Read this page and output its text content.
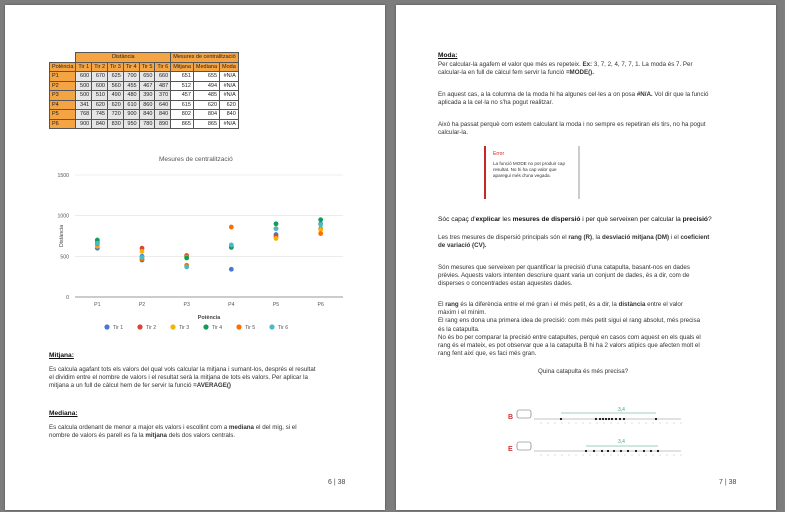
	Distància						Mesures de centralització		
Potència	Tir 1	Tir 2	Tir 3	Tir 4	Tir 5	Tir 6	Mitjana	Mediana	Moda
P1	600	670	625	700	650	660	651	655	#N/A
P2	500	600	560	455	467	487	512	494	#N/A
P3	500	510	490	480	390	370	457	485	#N/A
P4	341	620	620	610	860	640	615	620	620
P5	768	745	720	900	840	840	802	804	840
P6	900	840	830	950	780	890	865	865	#N/A
Mesures de centralització
0
500
1000
1500
P1	P2	P3	P4	P5	P6
Potència
Distància
Tir 1	Tir 2	Tir 3	Tir 4	Tir 5	Tir 6
Mitjana:
Es calcula agafant tots els valors del qual vols calcular la mitjana i sumant-los, després el resultat
el dividim entre el nombre de valors i el resultat serà la mitjana de tots els valors. Per aplicar la
mitjana a un full de càlcul hem de fer servir la funció =AVERAGE()
Mediana:
Es calcula ordenant de menor a major els valors i escollint com a mediana el del mig, si el
nombre de valors és parell es fa la mitjana dels dos valors centrals.
6 | 38
Moda:
Per calcular-la agafem el valor que més es repeteix. Ex: 3, 7, 2, 4, 7, 7, 1. La moda és 7. Per
calcular-la en full de càlcul fem servir la funció =MODE().
En aquest cas, a la columna de la moda hi ha algunes cel·les a on posa #N/A. Vol dir que la funció
aplicada a la cel·la no s'ha pogut realitzar.
Això ha passat perquè com estem calculant la moda i no sempre es repetiran els tirs, no ha pogut
calcular-la.
Error
La funció MODE no pot produir cap resultat. No hi ha cap valor que aparegui més d'una vegada.
Sóc capaç d'explicar les mesures de dispersió i per què serveixen per calcular la precisió?
Les tres mesures de dispersió principals són el rang (R), la desviació mitjana (DM) i el coeficient
de variació (CV).
Són mesures que serveixen per quantificar la precisió d'una catapulta, basant-nos en dades
prèvies. Aquests valors intenten descriure quant varia un conjunt de dades, és a dir, com de
disperses o concentrades estan aquestes dades.
El rang és la diferència entre el mé gran i el més petit, és a dir, la distància entre el valor
màxim i el mínim.
El rang ens dona una primera idea de precisió: com més petit sigui el rang absolut, més precisa
és la catapulta.
No és bo per comparar la precisió entre catapultes, perquè en casos com aquest en els quals el
rang és el mateix, es pot observar que a la catapulta B hi ha 2 valors atípics que afecten molt el
rang fent així que, es faci més gran.
Quina catapulta és més precisa?
B
3,4
E
3,4
7 | 38
